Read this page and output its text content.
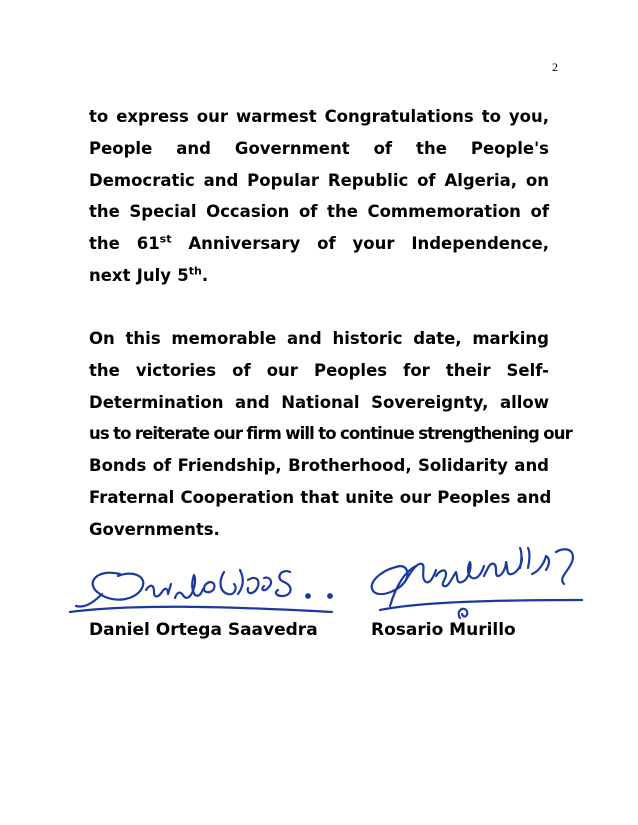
2
to express our warmest Congratulations to you,
People and Government of the People's
Democratic and Popular Republic of Algeria, on
the Special Occasion of the Commemoration of
the 61st Anniversary of your Independence,
next July 5th.
On this memorable and historic date, marking
the victories of our Peoples for their Self-
Determination and National Sovereignty, allow
us to reiterate our firm will to continue strengthening our
Bonds of Friendship, Brotherhood, Solidarity and
Fraternal Cooperation that unite our Peoples and
Governments.
Daniel Ortega Saavedra	Rosario Murillo
